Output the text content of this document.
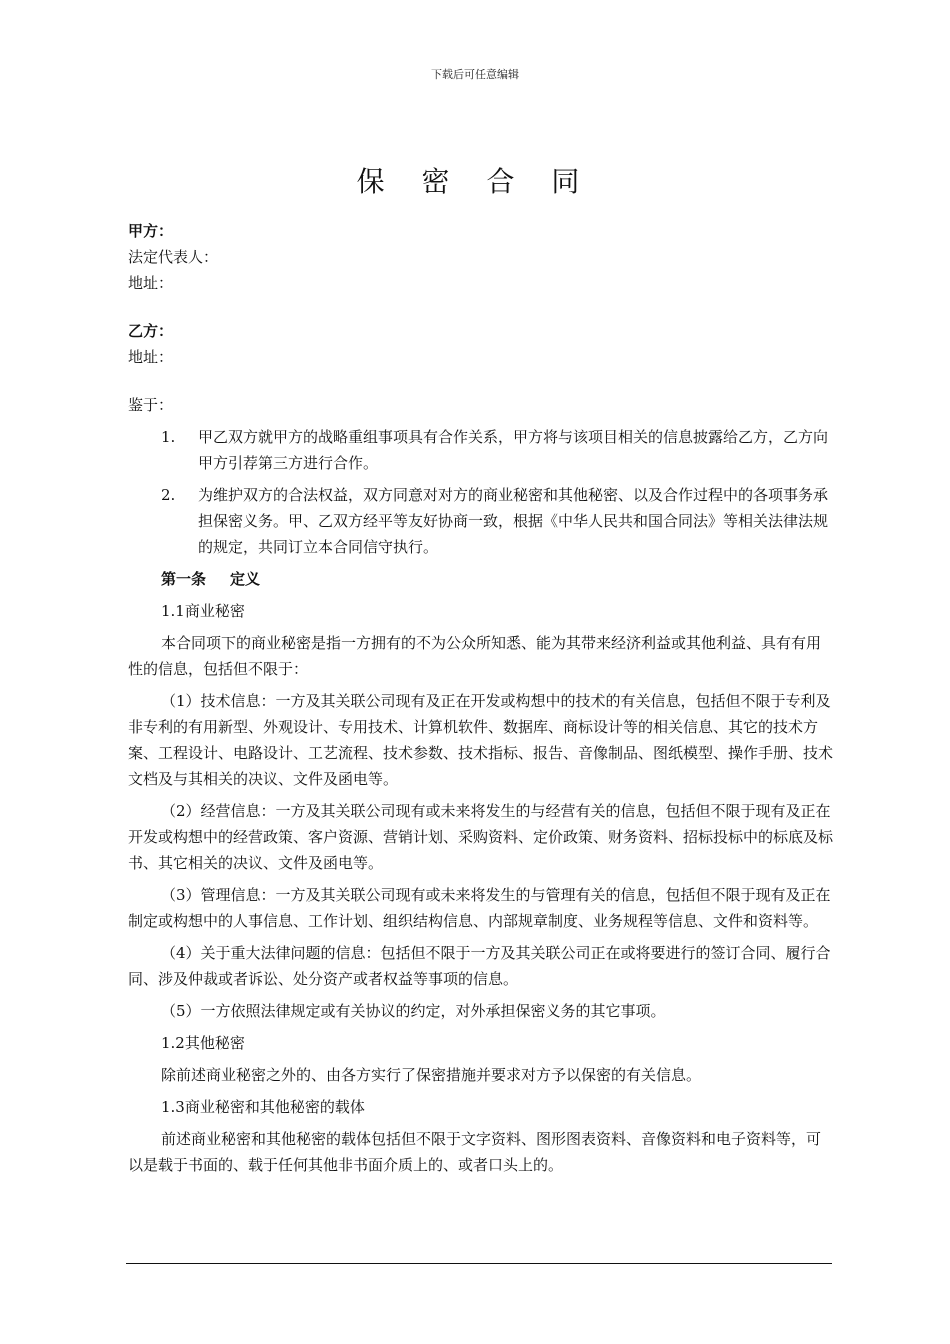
下载后可任意编辑
保 密 合 同
甲方：
法定代表人：
地址：
乙方：
地址：
鉴于：
1.	甲乙双方就甲方的战略重组事项具有合作关系，甲方将与该项目相关的信息披露给乙方，乙方向甲方引荐第三方进行合作。
2.	为维护双方的合法权益，双方同意对对方的商业秘密和其他秘密、以及合作过程中的各项事务承担保密义务。甲、乙双方经平等友好协商一致，根据《中华人民共和国合同法》等相关法律法规的规定，共同订立本合同信守执行。
第一条 定义
1.1商业秘密
本合同项下的商业秘密是指一方拥有的不为公众所知悉、能为其带来经济利益或其他利益、具有有用性的信息，包括但不限于：
（1）技术信息：一方及其关联公司现有及正在开发或构想中的技术的有关信息，包括但不限于专利及非专利的有用新型、外观设计、专用技术、计算机软件、数据库、商标设计等的相关信息、其它的技术方案、工程设计、电路设计、工艺流程、技术参数、技术指标、报告、音像制品、图纸模型、操作手册、技术文档及与其相关的决议、文件及函电等。
（2）经营信息：一方及其关联公司现有或未来将发生的与经营有关的信息，包括但不限于现有及正在开发或构想中的经营政策、客户资源、营销计划、采购资料、定价政策、财务资料、招标投标中的标底及标书、其它相关的决议、文件及函电等。
（3）管理信息：一方及其关联公司现有或未来将发生的与管理有关的信息，包括但不限于现有及正在制定或构想中的人事信息、工作计划、组织结构信息、内部规章制度、业务规程等信息、文件和资料等。
（4）关于重大法律问题的信息：包括但不限于一方及其关联公司正在或将要进行的签订合同、履行合同、涉及仲裁或者诉讼、处分资产或者权益等事项的信息。
（5）一方依照法律规定或有关协议的约定，对外承担保密义务的其它事项。
1.2其他秘密
除前述商业秘密之外的、由各方实行了保密措施并要求对方予以保密的有关信息。
1.3商业秘密和其他秘密的载体
前述商业秘密和其他秘密的载体包括但不限于文字资料、图形图表资料、音像资料和电子资料等，可以是载于书面的、载于任何其他非书面介质上的、或者口头上的。
